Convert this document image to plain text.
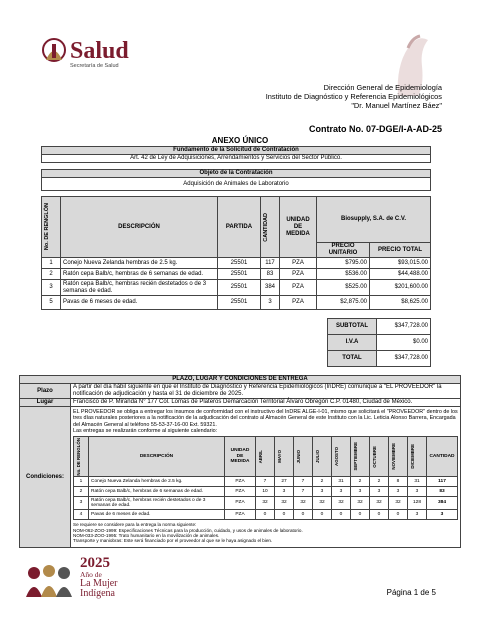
Salud
Secretaría de Salud
Dirección General de Epidemiología
Instituto de Diagnóstico y Referencia Epidemiológicos
"Dr. Manuel Martínez Báez"
Contrato No. 07-DGE/I-A-AD-25
ANEXO ÚNICO
Fundamento de la Solicitud de Contratación
Art. 42 de Ley de Adquisiciones, Arrendamientos y Servicios del Sector Público.
Objeto de la Contratación
Adquisición de Animales de Laboratorio
No. DE RENGLÓN	DESCRIPCIÓN	PARTIDA	CANTIDAD	UNIDAD DE MEDIDA	Biosupply, S.A. de C.V.	
					PRECIO UNITARIO	PRECIO TOTAL
1	Conejo Nueva Zelanda hembras de 2.5 kg.	25501	117	PZA	$795.00	$93,015.00
2	Ratón cepa Balb/c, hembras de 6 semanas de edad.	25501	83	PZA	$536.00	$44,488.00
3	Ratón cepa Balb/c, hembras recién destetados o de 3 semanas de edad.	25501	384	PZA	$525.00	$201,600.00
5	Pavas de 6 meses de edad.	25501	3	PZA	$2,875.00	$8,625.00
SUBTOTAL	$347,728.00
I.V.A	$0.00
TOTAL	$347,728.00
PLAZO, LUGAR Y CONDICIONES DE ENTREGA
Plazo	A partir del día hábil siguiente en que el Instituto de Diagnóstico y Referencia Epidemiológicos (InDRE) comunique a "EL PROVEEDOR" la notificación de adjudicación y hasta el 31 de diciembre de 2025.
Lugar	Francisco de P. Miranda N° 177 Col. Lomas de Plateros Demarcación Territorial Álvaro Obregón C.P. 01480, Ciudad de México.
Condiciones:	
EL PROVEEDOR se obliga a entregar los insumos de conformidad con el instructivo del InDRE ALGE-I-01, mismo que solicitará el "PROVEEDOR" dentro de los tres días naturales posteriores a la notificación de la adjudicación del contrato al Almacén General de este Instituto con la Lic. Leticia Alonso Barrera, Encargada del Almacén General al teléfono 55-53-37-16-00 Ext. 59321.
Las entregas se realizarán conforme al siguiente calendario:
No. DE RENGLÓN	DESCRIPCIÓN	UNIDAD DE MEDIDA	ABRIL	MAYO	JUNIO	JULIO	AGOSTO	SEPTIEMBRE	OCTUBRE	NOVIEMBRE	DICIEMBRE	CANTIDAD
1	Conejo Nueva Zelanda hembras de 2.5 kg.	PZA	7	27	7	2	31	2	2	8	31	117
2	Ratón cepa Balb/c, hembras de 6 semanas de edad.	PZA	10	3	7	3	3	3	3	3	3	83
3	Ratón cepa Balb/c, hembras recién destetados o de 3 semanas de edad.	PZA	32	32	32	32	32	32	32	32	128	384
4	Pavas de 6 meses de edad.	PZA	0	0	0	0	0	0	0	0	3	3
Se requiere se considere para la entrega la norma siguiente:
NOM-062-ZOO-1999: Especificaciones Técnicas para la producción, cuidado, y usos de animales de laboratorio.
NOM-033-ZOO-1995: Trato humanitario en la movilización de animales.
Transporte y maniobras: Este será financiado por el proveedor al que se le haya asignado el bien.
2025
Año de
La Mujer
Indígena	Página 1 de 5
